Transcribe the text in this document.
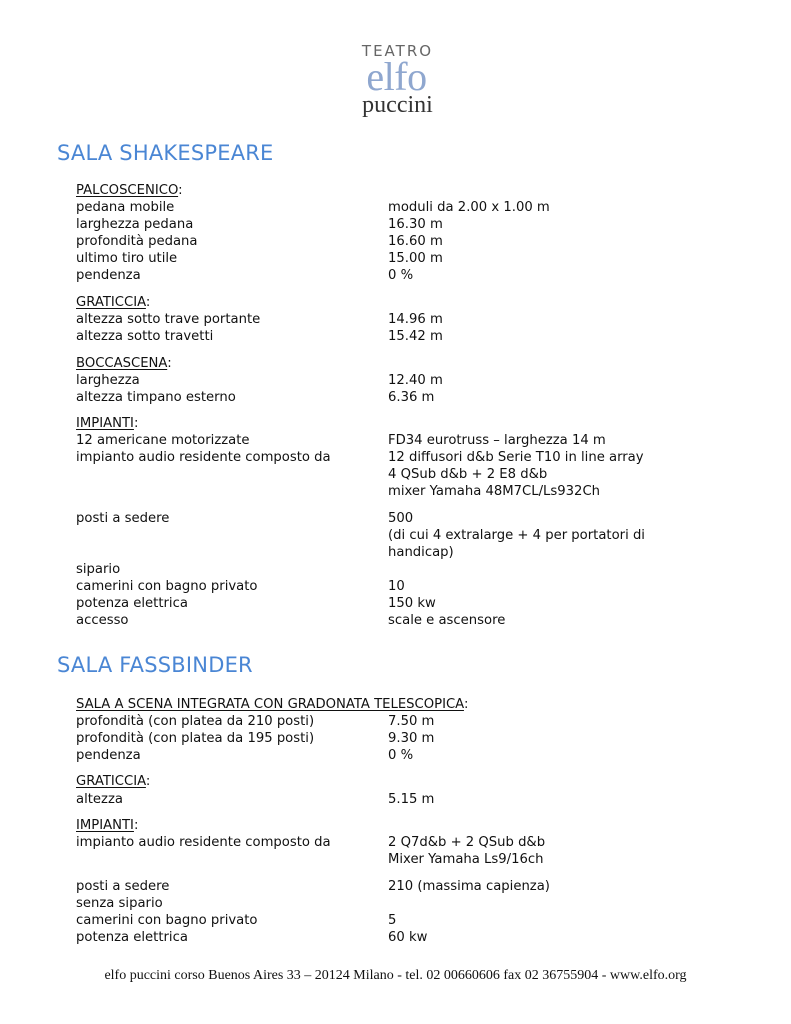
TEATRO
elfo
puccini
SALA SHAKESPEARE
PALCOSCENICO:
pedana mobile	moduli da 2.00 x 1.00 m
larghezza pedana	16.30 m
profondità pedana	16.60 m
ultimo tiro utile	15.00 m
pendenza	0 %
GRATICCIA:
altezza sotto trave portante	14.96 m
altezza sotto travetti	15.42 m
BOCCASCENA:
larghezza	12.40 m
altezza timpano esterno	6.36 m
IMPIANTI:
12 americane motorizzate	FD34 eurotruss – larghezza 14 m
impianto audio residente composto da	12 diffusori d&b Serie T10 in line array
4 QSub d&b + 2 E8 d&b
mixer Yamaha 48M7CL/Ls932Ch
posti a sedere	500
(di cui 4 extralarge + 4 per portatori di
handicap)
sipario
camerini con bagno privato	10
potenza elettrica	150 kw
accesso	scale e ascensore
SALA FASSBINDER
SALA A SCENA INTEGRATA CON GRADONATA TELESCOPICA:
profondità (con platea da 210 posti)	7.50 m
profondità (con platea da 195 posti)	9.30 m
pendenza	0 %
GRATICCIA:
altezza	5.15 m
IMPIANTI:
impianto audio residente composto da	2 Q7d&b + 2 QSub d&b
Mixer Yamaha Ls9/16ch
posti a sedere	210 (massima capienza)
senza sipario
camerini con bagno privato	5
potenza elettrica	60 kw
elfo puccini corso Buenos Aires 33 – 20124 Milano - tel. 02 00660606 fax 02 36755904 - www.elfo.org
